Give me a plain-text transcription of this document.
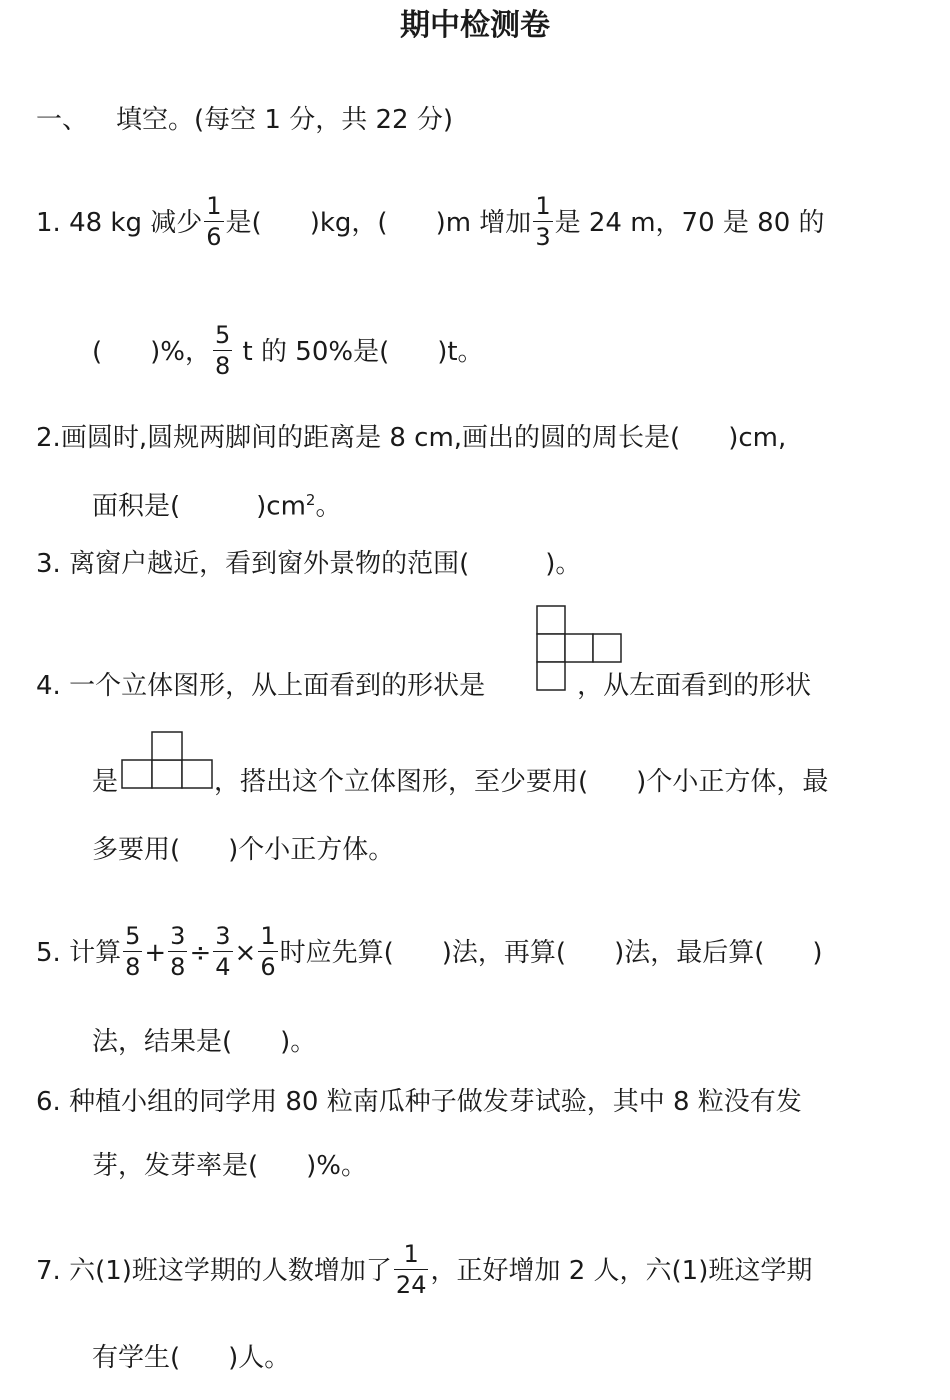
期中检测卷
一、 填空。(每空 1 分，共 22 分)
1. 48 kg 减少 $\frac{1}{6}$ 是( )kg，( )m 增加 $\frac{1}{3}$ 是 24 m，70 是 80 的
( )%， $\frac{5}{8}$ t 的 50%是( )t。
2.画圆时,圆规两脚间的距离是 8 cm,画出的圆的周长是( )cm,
面积是(	)$cm^2$。
3. 离窗户越近，看到窗外景物的范围(	)。
4. 一个立体图形，从上面看到的形状是	，从左面看到的形状
是	，搭出这个立体图形，至少要用( )个小正方体，最
多要用( )个小正方体。
5. 计算 $\frac{5}{8} + \frac{3}{8} \div \frac{3}{4} \times \frac{1}{6}$ 时应先算( )法，再算( )法，最后算( )
法，结果是( )。
6. 种植小组的同学用 80 粒南瓜种子做发芽试验，其中 8 粒没有发
芽，发芽率是( )%。
7. 六(1)班这学期的人数增加了 $\frac{1}{24}$ ，正好增加 2 人，六(1)班这学期
有学生( )人。
